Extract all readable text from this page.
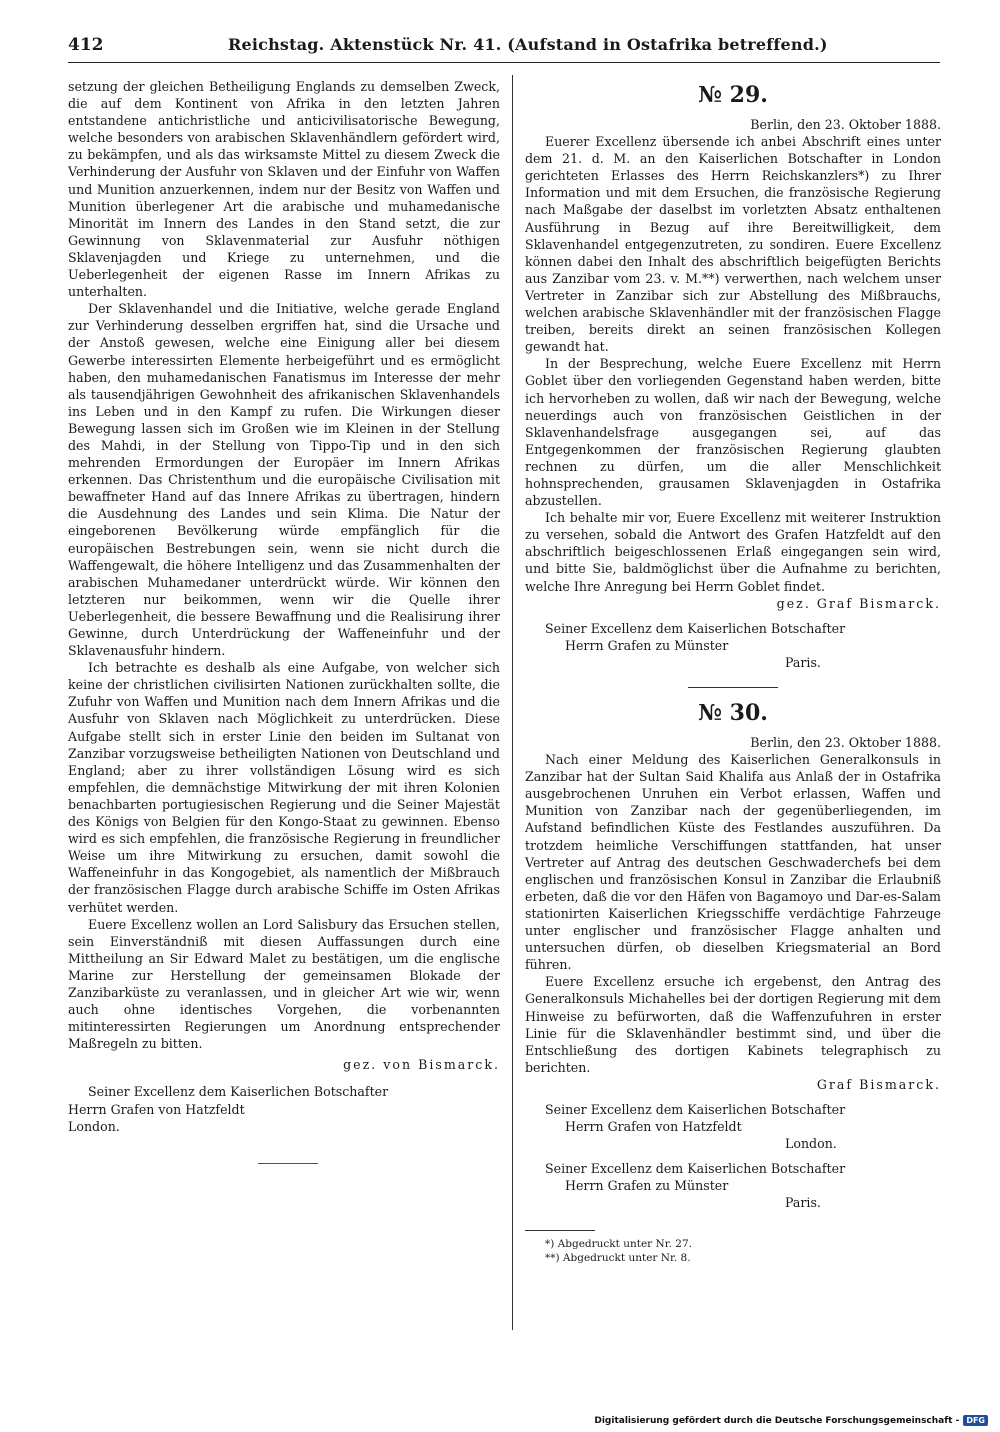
412	Reichstag. Aktenstück Nr. 41. (Aufstand in Ostafrika betreffend.)

setzung der gleichen Betheiligung Englands zu demselben Zweck, die auf dem Kontinent von Afrika in den letzten Jahren entstandene antichristliche und anticivilisatorische Bewegung, welche besonders von arabischen Sklavenhändlern gefördert wird, zu bekämpfen, und als das wirksamste Mittel zu diesem Zweck die Verhinderung der Ausfuhr von Sklaven und der Einfuhr von Waffen und Munition anzuerkennen, indem nur der Besitz von Waffen und Munition überlegener Art die arabische und muhamedanische Minorität im Innern des Landes in den Stand setzt, die zur Gewinnung von Sklavenmaterial zur Ausfuhr nöthigen Sklavenjagden und Kriege zu unternehmen, und die Ueberlegenheit der eigenen Rasse im Innern Afrikas zu unterhalten.

Der Sklavenhandel und die Initiative, welche gerade England zur Verhinderung desselben ergriffen hat, sind die Ursache und der Anstoß gewesen, welche eine Einigung aller bei diesem Gewerbe interessirten Elemente herbeigeführt und es ermöglicht haben, den muhamedanischen Fanatismus im Interesse der mehr als tausendjährigen Gewohnheit des afrikanischen Sklavenhandels ins Leben und in den Kampf zu rufen. Die Wirkungen dieser Bewegung lassen sich im Großen wie im Kleinen in der Stellung des Mahdi, in der Stellung von Tippo-Tip und in den sich mehrenden Ermordungen der Europäer im Innern Afrikas erkennen. Das Christenthum und die europäische Civilisation mit bewaffneter Hand auf das Innere Afrikas zu übertragen, hindern die Ausdehnung des Landes und sein Klima. Die Natur der eingeborenen Bevölkerung würde empfänglich für die europäischen Bestrebungen sein, wenn sie nicht durch die Waffengewalt, die höhere Intelligenz und das Zusammenhalten der arabischen Muhamedaner unterdrückt würde. Wir können den letzteren nur beikommen, wenn wir die Quelle ihrer Ueberlegenheit, die bessere Bewaffnung und die Realisirung ihrer Gewinne, durch Unterdrückung der Waffeneinfuhr und der Sklavenausfuhr hindern.

Ich betrachte es deshalb als eine Aufgabe, von welcher sich keine der christlichen civilisirten Nationen zurückhalten sollte, die Zufuhr von Waffen und Munition nach dem Innern Afrikas und die Ausfuhr von Sklaven nach Möglichkeit zu unterdrücken. Diese Aufgabe stellt sich in erster Linie den beiden im Sultanat von Zanzibar vorzugsweise betheiligten Nationen von Deutschland und England; aber zu ihrer vollständigen Lösung wird es sich empfehlen, die demnächstige Mitwirkung der mit ihren Kolonien benachbarten portugiesischen Regierung und die Seiner Majestät des Königs von Belgien für den Kongo-Staat zu gewinnen. Ebenso wird es sich empfehlen, die französische Regierung in freundlicher Weise um ihre Mitwirkung zu ersuchen, damit sowohl die Waffeneinfuhr in das Kongogebiet, als namentlich der Mißbrauch der französischen Flagge durch arabische Schiffe im Osten Afrikas verhütet werden.

Euere Excellenz wollen an Lord Salisbury das Ersuchen stellen, sein Einverständniß mit diesen Auffassungen durch eine Mittheilung an Sir Edward Malet zu bestätigen, um die englische Marine zur Herstellung der gemeinsamen Blokade der Zanzibarküste zu veranlassen, und in gleicher Art wie wir, wenn auch ohne identisches Vorgehen, die vorbenannten mitinteressirten Regierungen um Anordnung entsprechender Maßregeln zu bitten.

gez. von Bismarck.

Seiner Excellenz dem Kaiserlichen Botschafter

Herrn Grafen von Hatzfeldt

London.

№ 29.

Berlin, den 23. Oktober 1888.

Euerer Excellenz übersende ich anbei Abschrift eines unter dem 21. d. M. an den Kaiserlichen Botschafter in London gerichteten Erlasses des Herrn Reichskanzlers*) zu Ihrer Information und mit dem Ersuchen, die französische Regierung nach Maßgabe der daselbst im vorletzten Absatz enthaltenen Ausführung in Bezug auf ihre Bereitwilligkeit, dem Sklavenhandel entgegenzutreten, zu sondiren. Euere Excellenz können dabei den Inhalt des abschriftlich beigefügten Berichts aus Zanzibar vom 23. v. M.**) verwerthen, nach welchem unser Vertreter in Zanzibar sich zur Abstellung des Mißbrauchs, welchen arabische Sklavenhändler mit der französischen Flagge treiben, bereits direkt an seinen französischen Kollegen gewandt hat.

In der Besprechung, welche Euere Excellenz mit Herrn Goblet über den vorliegenden Gegenstand haben werden, bitte ich hervorheben zu wollen, daß wir nach der Bewegung, welche neuerdings auch von französischen Geistlichen in der Sklavenhandelsfrage ausgegangen sei, auf das Entgegenkommen der französischen Regierung glaubten rechnen zu dürfen, um die aller Menschlichkeit hohnsprechenden, grausamen Sklavenjagden in Ostafrika abzustellen.

Ich behalte mir vor, Euere Excellenz mit weiterer Instruktion zu versehen, sobald die Antwort des Grafen Hatzfeldt auf den abschriftlich beigeschlossenen Erlaß eingegangen sein wird, und bitte Sie, baldmöglichst über die Aufnahme zu berichten, welche Ihre Anregung bei Herrn Goblet findet.

gez. Graf Bismarck.

Seiner Excellenz dem Kaiserlichen Botschafter

Herrn Grafen zu Münster

Paris.

№ 30.

Berlin, den 23. Oktober 1888.

Nach einer Meldung des Kaiserlichen Generalkonsuls in Zanzibar hat der Sultan Said Khalifa aus Anlaß der in Ostafrika ausgebrochenen Unruhen ein Verbot erlassen, Waffen und Munition von Zanzibar nach der gegenüberliegenden, im Aufstand befindlichen Küste des Festlandes auszuführen. Da trotzdem heimliche Verschiffungen stattfanden, hat unser Vertreter auf Antrag des deutschen Geschwaderchefs bei dem englischen und französischen Konsul in Zanzibar die Erlaubniß erbeten, daß die vor den Häfen von Bagamoyo und Dar-es-Salam stationirten Kaiserlichen Kriegsschiffe verdächtige Fahrzeuge unter englischer und französischer Flagge anhalten und untersuchen dürfen, ob dieselben Kriegsmaterial an Bord führen.

Euere Excellenz ersuche ich ergebenst, den Antrag des Generalkonsuls Michahelles bei der dortigen Regierung mit dem Hinweise zu befürworten, daß die Waffenzufuhren in erster Linie für die Sklavenhändler bestimmt sind, und über die Entschließung des dortigen Kabinets telegraphisch zu berichten.

Graf Bismarck.

Seiner Excellenz dem Kaiserlichen Botschafter

Herrn Grafen von Hatzfeldt

London.

Seiner Excellenz dem Kaiserlichen Botschafter

Herrn Grafen zu Münster

Paris.

*) Abgedruckt unter Nr. 27.

**) Abgedruckt unter Nr. 8.

Digitalisierung gefördert durch die Deutsche Forschungsgemeinschaft - DFG
